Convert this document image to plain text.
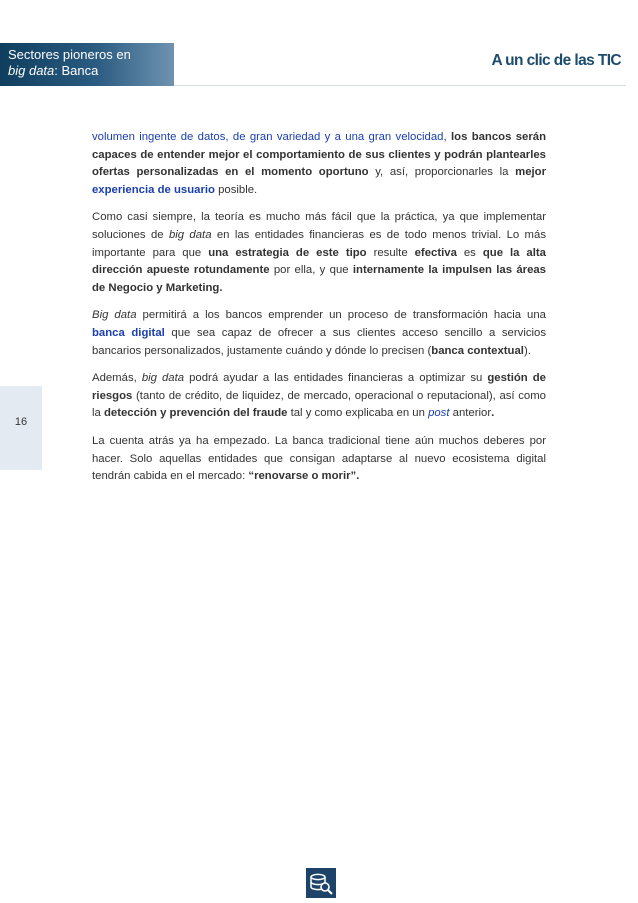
Sectores pioneros en
big data: Banca
A un clic de las TIC
16

volumen ingente de datos, de gran variedad y a una gran velocidad, los bancos serán capaces de entender mejor el comportamiento de sus clientes y podrán plantearles ofertas personalizadas en el momento oportuno y, así, proporcionarles la mejor experiencia de usuario posible.

Como casi siempre, la teoría es mucho más fácil que la práctica, ya que implementar soluciones de big data en las entidades financieras es de todo menos trivial. Lo más importante para que una estrategia de este tipo resulte efectiva es que la alta dirección apueste rotundamente por ella, y que internamente la impulsen las áreas de Negocio y Marketing.

Big data permitirá a los bancos emprender un proceso de transformación hacia una banca digital que sea capaz de ofrecer a sus clientes acceso sencillo a servicios bancarios personalizados, justamente cuándo y dónde lo precisen (banca contextual).

Además, big data podrá ayudar a las entidades financieras a optimizar su gestión de riesgos (tanto de crédito, de liquidez, de mercado, operacional o reputacional), así como la detección y prevención del fraude tal y como explicaba en un post anterior.

La cuenta atrás ya ha empezado. La banca tradicional tiene aún muchos deberes por hacer. Solo aquellas entidades que consigan adaptarse al nuevo ecosistema digital tendrán cabida en el mercado: “renovarse o morir”.
